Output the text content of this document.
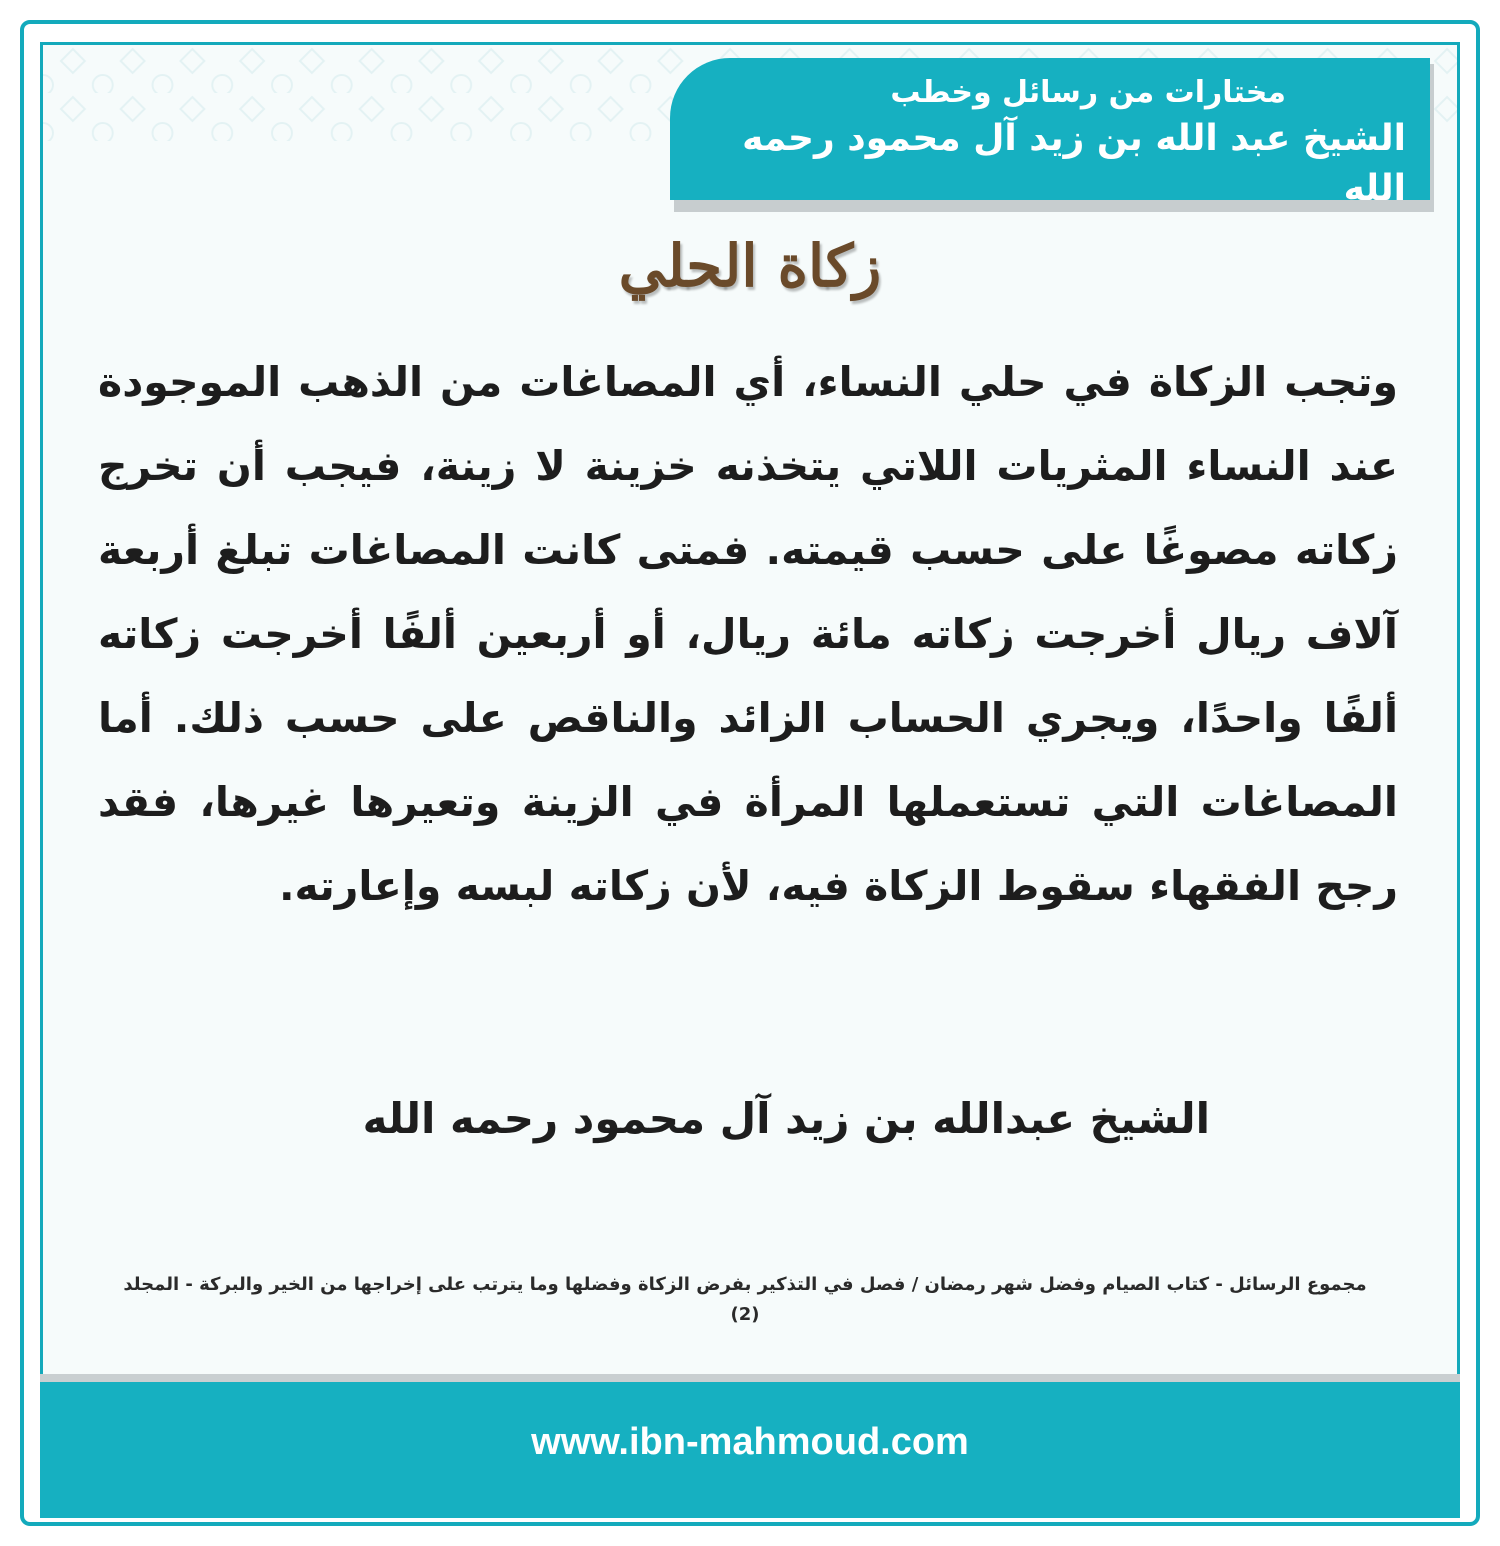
مختارات من رسائل وخطب
الشيخ عبد الله بن زيد آل محمود رحمه الله
زكاة الحلي
وتجب الزكاة في حلي النساء، أي المصاغات من الذهب الموجودة عند النساء المثريات اللاتي يتخذنه خزينة لا زينة، فيجب أن تخرج زكاته مصوغًا على حسب قيمته. فمتى كانت المصاغات تبلغ أربعة آلاف ريال أخرجت زكاته مائة ريال، أو أربعين ألفًا أخرجت زكاته ألفًا واحدًا، ويجري الحساب الزائد والناقص على حسب ذلك. أما المصاغات التي تستعملها المرأة في الزينة وتعيرها غيرها، فقد رجح الفقهاء سقوط الزكاة فيه، لأن زكاته لبسه وإعارته.
الشيخ عبدالله بن زيد آل محمود رحمه الله
مجموع الرسائل - كتاب الصيام وفضل شهر رمضان / فصل في التذكير بفرض الزكاة وفضلها وما يترتب على إخراجها من الخير والبركة - المجلد (2)
www.ibn-mahmoud.com
